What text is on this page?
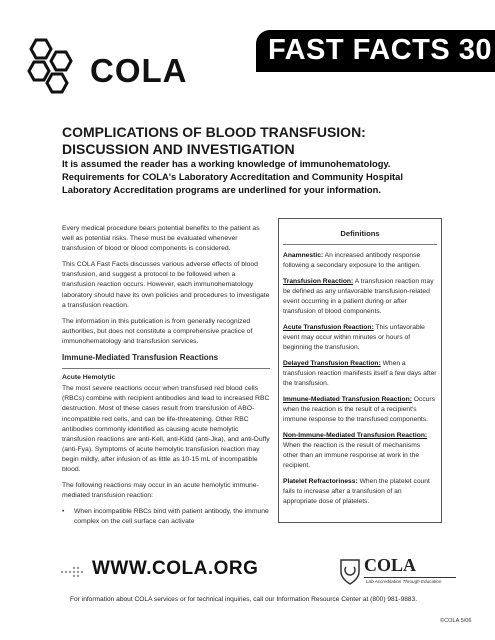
COLA
FAST FACTS 30
COMPLICATIONS OF BLOOD TRANSFUSION:
DISCUSSION AND INVESTIGATION
It is assumed the reader has a working knowledge of immunohematology. Requirements for COLA's Laboratory Accreditation and Community Hospital Laboratory Accreditation programs are underlined for your information.

Every medical procedure bears potential benefits to the patient as well as potential risks. These must be evaluated whenever transfusion of blood or blood components is considered.

This COLA Fast Facts discusses various adverse effects of blood transfusion, and suggest a protocol to be followed when a transfusion reaction occurs. However, each immunohematology laboratory should have its own policies and procedures to investigate a transfusion reaction.

The information in this publication is from generally recognized authorities, but does not constitute a comprehensive practice of immunohematology and transfusion services.

Immune-Mediated Transfusion Reactions
Acute Hemolytic

The most severe reactions occur when transfused red blood cells (RBCs) combine with recipient antibodies and lead to increased RBC destruction. Most of these cases result from transfusion of ABO-incompatible red cells, and can be life-threatening. Other RBC antibodies commonly identified as causing acute hemolytic transfusion reactions are anti-Kell, anti-Kidd (anti-Jka), and anti-Duffy (anti-Fya). Symptoms of acute hemolytic transfusion reaction may begin mildly, after infusion of as little as 10-15 mL of incompatible blood.

The following reactions may occur in an acute hemolytic immune-mediated transfusion reaction:

•	When incompatible RBCs bind with patient antibody, the immune complex on the cell surface can activate
Definitions
Anamnestic: An increased antibody response following a secondary exposure to the antigen.
Transfusion Reaction: A transfusion reaction may be defined as any unfavorable transfusion-related event occurring in a patient during or after transfusion of blood components.
Acute Transfusion Reaction: This unfavorable event may occur within minutes or hours of beginning the transfusion.
Delayed Transfusion Reaction: When a transfusion reaction manifests itself a few days after the transfusion.
Immune-Mediated Transfusion Reaction: Occurs when the reaction is the result of a recipient's immune response to the transfused components.
Non-Immune-Mediated Transfusion Reaction: When the reaction is the result of mechanisms other than an immune response at work in the recipient.
Platelet Refractoriness: When the platelet count fails to increase after a transfusion of an appropriate dose of platelets.
WWW.COLA.ORG	COLA
Lab Accreditation Through Education
For information about COLA services or for technical inquiries, call our Information Resource Center at (800) 981-9883.
©COLA 5/06
